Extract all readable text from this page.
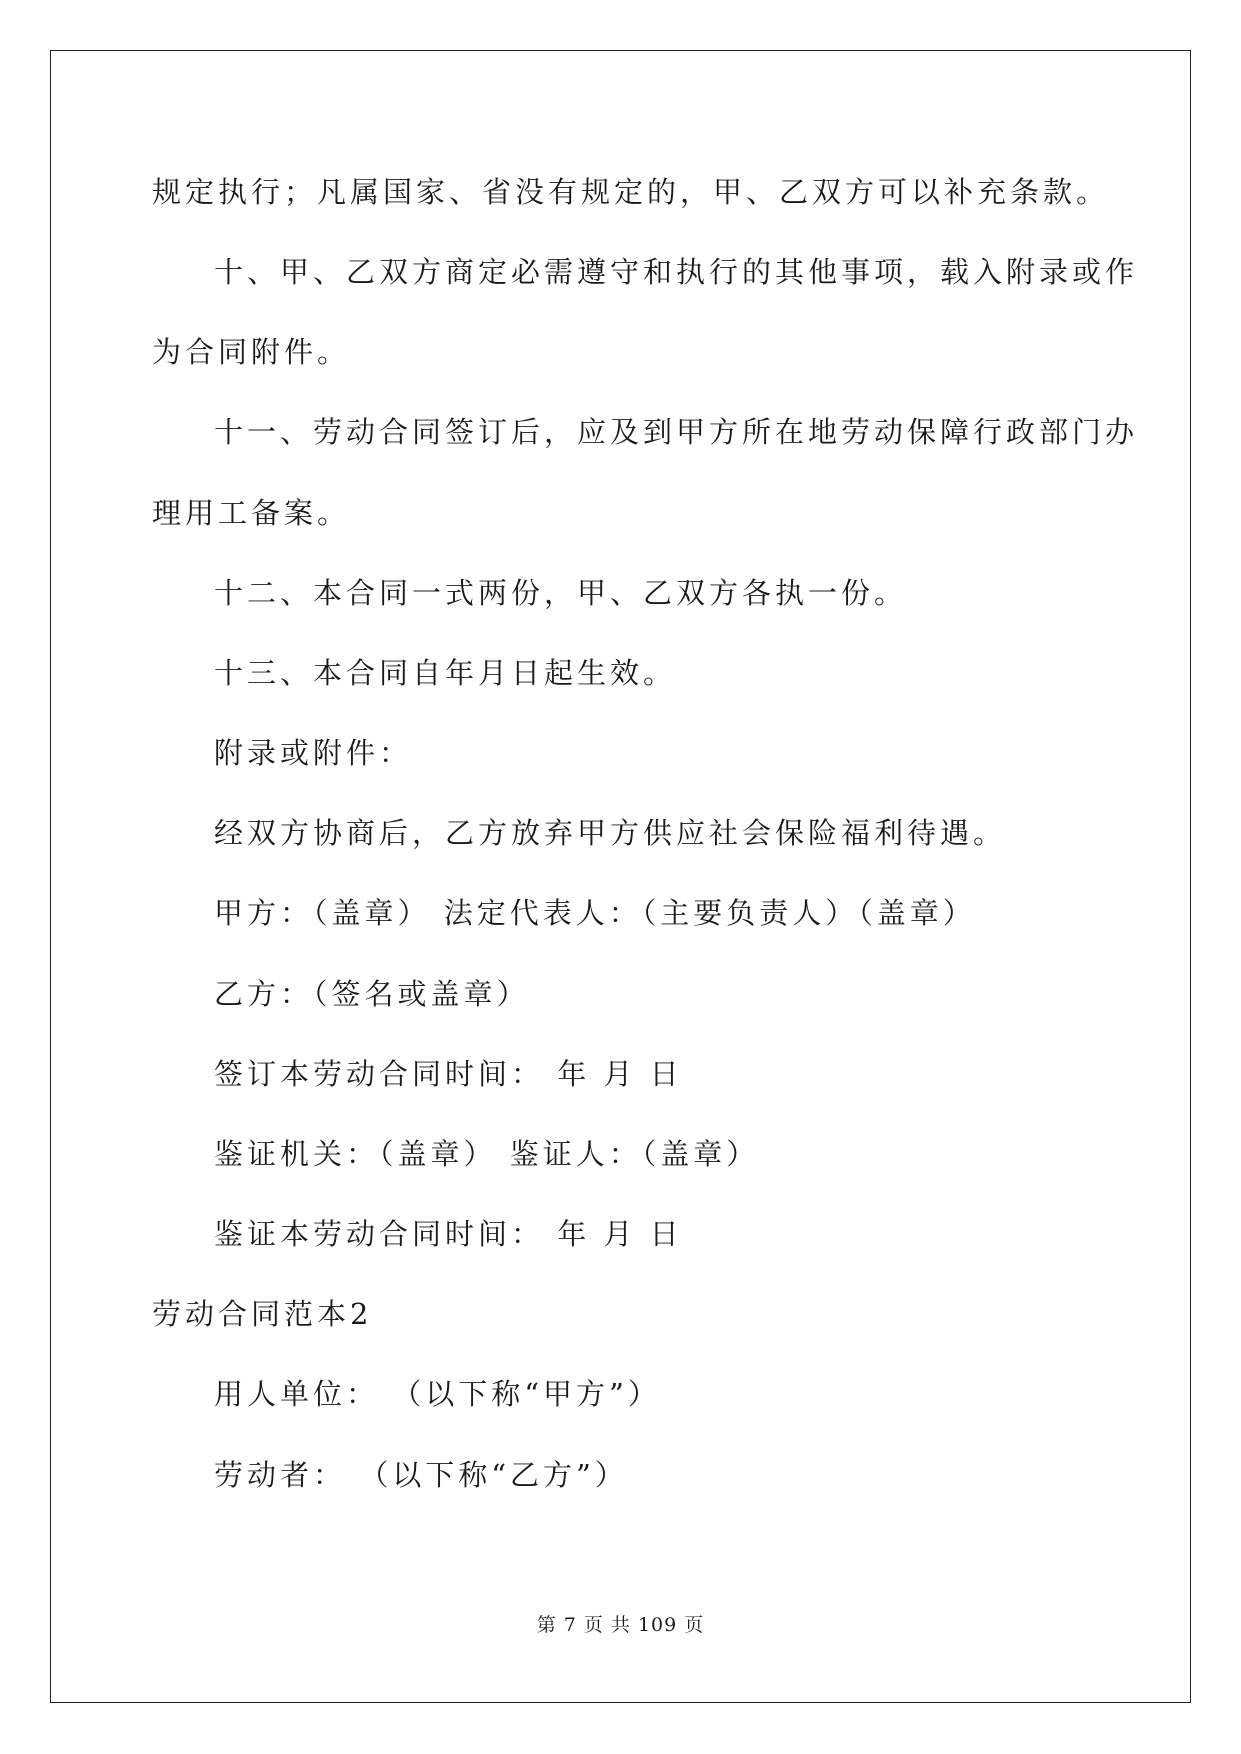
规定执行；凡属国家、省没有规定的，甲、乙双方可以补充条款。
十、甲、乙双方商定必需遵守和执行的其他事项，载入附录或作
为合同附件。
十一、劳动合同签订后，应及到甲方所在地劳动保障行政部门办
理用工备案。
十二、本合同一式两份，甲、乙双方各执一份。
十三、本合同自年月日起生效。
附录或附件：
经双方协商后，乙方放弃甲方供应社会保险福利待遇。
甲方：（盖章） 法定代表人：（主要负责人）（盖章）
乙方：（签名或盖章）
签订本劳动合同时间： 年 月 日
鉴证机关：（盖章） 鉴证人：（盖章）
鉴证本劳动合同时间： 年 月 日
劳动合同范本2
用人单位： （以下称“甲方”）
劳动者： （以下称“乙方”）
第 7 页 共 109 页
